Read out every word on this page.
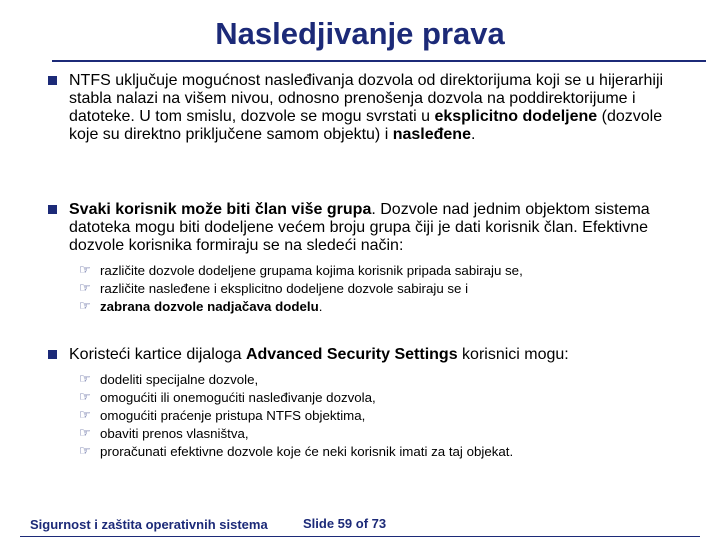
Nasledjivanje prava
NTFS uključuje mogućnost nasleđivanja dozvola od direktorijuma koji se u hijerarhiji stabla nalazi na višem nivou, odnosno prenošenja dozvola na poddirektorijume i datoteke. U tom smislu, dozvole se mogu svrstati u eksplicitno dodeljene (dozvole koje su direktno priključene samom objektu) i nasleđene.
Svaki korisnik može biti član više grupa. Dozvole nad jednim objektom sistema datoteka mogu biti dodeljene većem broju grupa čiji je dati korisnik član. Efektivne dozvole korisnika formiraju se na sledeći način:
☞ različite dozvole dodeljene grupama kojima korisnik pripada sabiraju se,
☞ različite nasleđene i eksplicitno dodeljene dozvole sabiraju se i
☞ zabrana dozvole nadjačava dodelu.
Koristeći kartice dijaloga Advanced Security Settings korisnici mogu:
☞ dodeliti specijalne dozvole,
☞ omogućiti ili onemogućiti nasleđivanje dozvola,
☞ omogućiti praćenje pristupa NTFS objektima,
☞ obaviti prenos vlasništva,
☞ proračunati efektivne dozvole koje će neki korisnik imati za taj objekat.
Sigurnost i zaštita operativnih sistema	Slide 59 of 73
